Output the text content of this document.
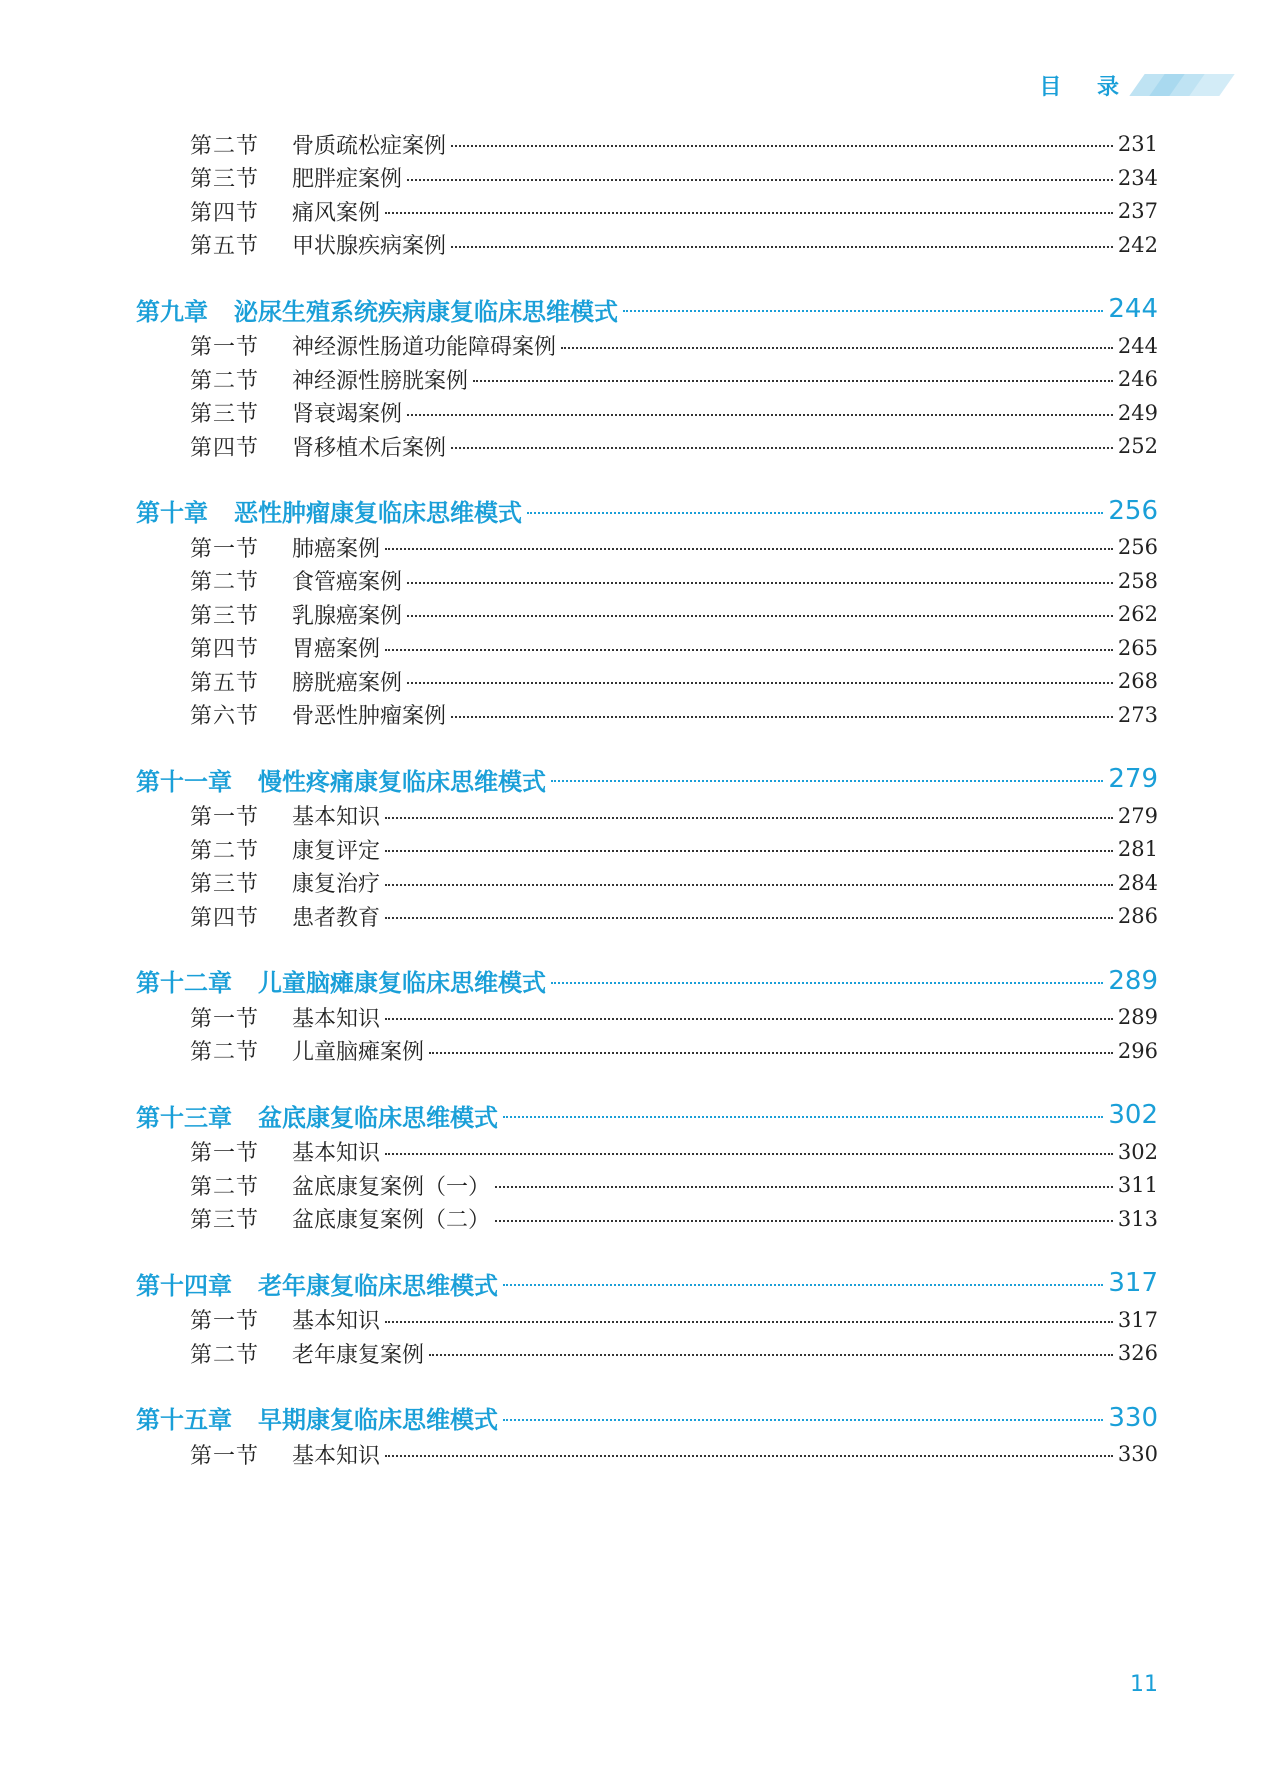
目 录
第二节	骨质疏松症案例	231
第三节	肥胖症案例	234
第四节	痛风案例	237
第五节	甲状腺疾病案例	242
第九章 泌尿生殖系统疾病康复临床思维模式	244
第一节	神经源性肠道功能障碍案例	244
第二节	神经源性膀胱案例	246
第三节	肾衰竭案例	249
第四节	肾移植术后案例	252
第十章 恶性肿瘤康复临床思维模式	256
第一节	肺癌案例	256
第二节	食管癌案例	258
第三节	乳腺癌案例	262
第四节	胃癌案例	265
第五节	膀胱癌案例	268
第六节	骨恶性肿瘤案例	273
第十一章 慢性疼痛康复临床思维模式	279
第一节	基本知识	279
第二节	康复评定	281
第三节	康复治疗	284
第四节	患者教育	286
第十二章 儿童脑瘫康复临床思维模式	289
第一节	基本知识	289
第二节	儿童脑瘫案例	296
第十三章 盆底康复临床思维模式	302
第一节	基本知识	302
第二节	盆底康复案例（一）	311
第三节	盆底康复案例（二）	313
第十四章 老年康复临床思维模式	317
第一节	基本知识	317
第二节	老年康复案例	326
第十五章 早期康复临床思维模式	330
第一节	基本知识	330
11
